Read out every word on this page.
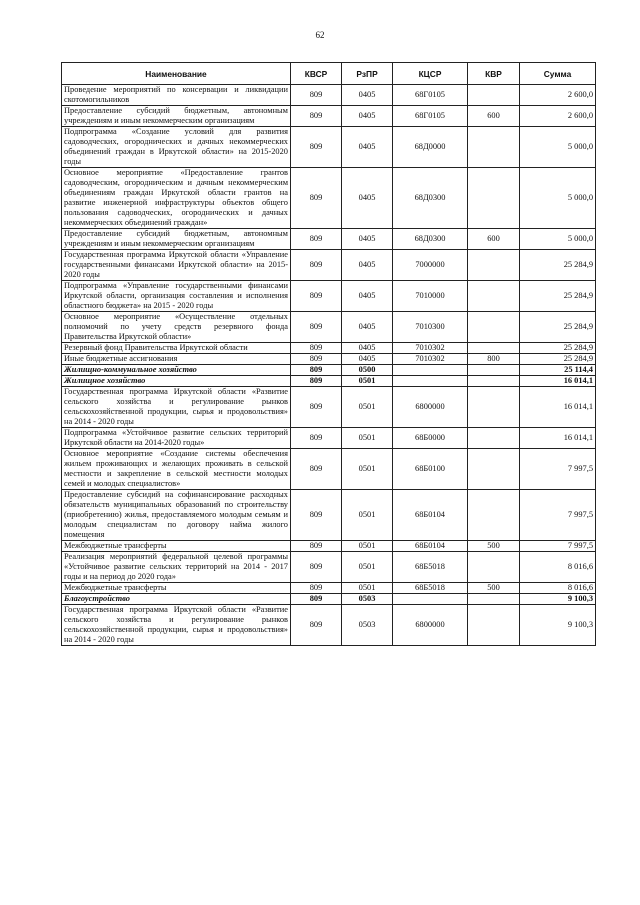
62
Наименование	КВСР	РзПР	КЦСР	КВР	Сумма
Проведение мероприятий по консервации и ликвидации скотомогильников	809	0405	68Г0105		2 600,0
Предоставление субсидий бюджетным, автономным учреждениям и иным некоммерческим организациям	809	0405	68Г0105	600	2 600,0
Подпрограмма «Создание условий для развития садоводческих, огороднических и дачных некоммерческих объединений граждан в Иркутской области» на 2015-2020 годы	809	0405	68Д0000		5 000,0
Основное мероприятие «Предоставление грантов садоводческим, огородническим и дачным некоммерческим объединениям граждан Иркутской области грантов на развитие инженерной инфраструктуры объектов общего пользования садоводческих, огороднических и дачных некоммерческих объединений граждан»	809	0405	68Д0300		5 000,0
Предоставление субсидий бюджетным, автономным учреждениям и иным некоммерческим организациям	809	0405	68Д0300	600	5 000,0
Государственная программа Иркутской области «Управление государственными финансами Иркутской области» на 2015-2020 годы	809	0405	7000000		25 284,9
Подпрограмма «Управление государственными финансами Иркутской области, организация составления и исполнения областного бюджета» на 2015 - 2020 годы	809	0405	7010000		25 284,9
Основное мероприятие «Осуществление отдельных полномочий по учету средств резервного фонда Правительства Иркутской области»	809	0405	7010300		25 284,9
Резервный фонд Правительства Иркутской области	809	0405	7010302		25 284,9
Иные бюджетные ассигнования	809	0405	7010302	800	25 284,9
Жилищно-коммунальное хозяйство	809	0500			25 114,4
Жилищное хозяйство	809	0501			16 014,1
Государственная программа Иркутской области «Развитие сельского хозяйства и регулирование рынков сельскохозяйственной продукции, сырья и продовольствия» на 2014 - 2020 годы	809	0501	6800000		16 014,1
Подпрограмма «Устойчивое развитие сельских территорий Иркутской области на 2014-2020 годы»	809	0501	68Б0000		16 014,1
Основное мероприятие «Создание системы обеспечения жильем проживающих и желающих проживать в сельской местности и закрепление в сельской местности молодых семей и молодых специалистов»	809	0501	68Б0100		7 997,5
Предоставление субсидий на софинансирование расходных обязательств муниципальных образований по строительству (приобретению) жилья, предоставляемого молодым семьям и молодым специалистам по договору найма жилого помещения	809	0501	68Б0104		7 997,5
Межбюджетные трансферты	809	0501	68Б0104	500	7 997,5
Реализация мероприятий федеральной целевой программы «Устойчивое развитие сельских территорий на 2014 - 2017 годы и на период до 2020 года»	809	0501	68Б5018		8 016,6
Межбюджетные трансферты	809	0501	68Б5018	500	8 016,6
Благоустройство	809	0503			9 100,3
Государственная программа Иркутской области «Развитие сельского хозяйства и регулирование рынков сельскохозяйственной продукции, сырья и продовольствия» на 2014 - 2020 годы	809	0503	6800000		9 100,3
